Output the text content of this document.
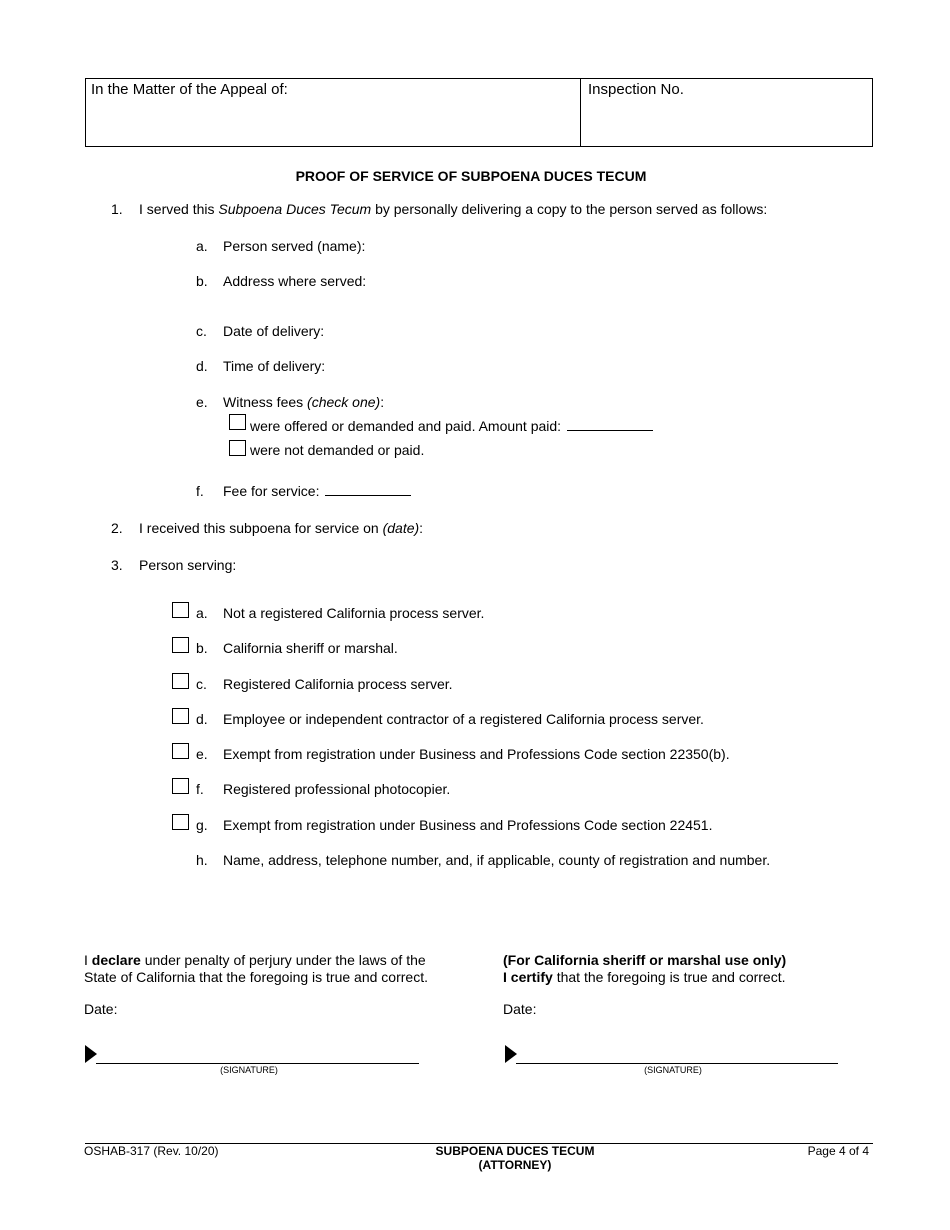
In the Matter of the Appeal of:	Inspection No.
PROOF OF SERVICE OF SUBPOENA DUCES TECUM
1. I served this Subpoena Duces Tecum by personally delivering a copy to the person served as follows:
a. Person served (name):
b. Address where served:
c. Date of delivery:
d. Time of delivery:
e. Witness fees (check one):
were offered or demanded and paid. Amount paid:
were not demanded or paid.
f. Fee for service:
2. I received this subpoena for service on (date):
3. Person serving:
a. Not a registered California process server.
b. California sheriff or marshal.
c. Registered California process server.
d. Employee or independent contractor of a registered California process server.
e. Exempt from registration under Business and Professions Code section 22350(b).
f. Registered professional photocopier.
g. Exempt from registration under Business and Professions Code section 22451.
h. Name, address, telephone number, and, if applicable, county of registration and number.
I declare under penalty of perjury under the laws of the
State of California that the foregoing is true and correct.
Date:
(SIGNATURE)
(For California sheriff or marshal use only)
I certify that the foregoing is true and correct.
Date:
(SIGNATURE)
OSHAB-317 (Rev. 10/20)	SUBPOENA DUCES TECUM
(ATTORNEY)
Page 4 of 4
